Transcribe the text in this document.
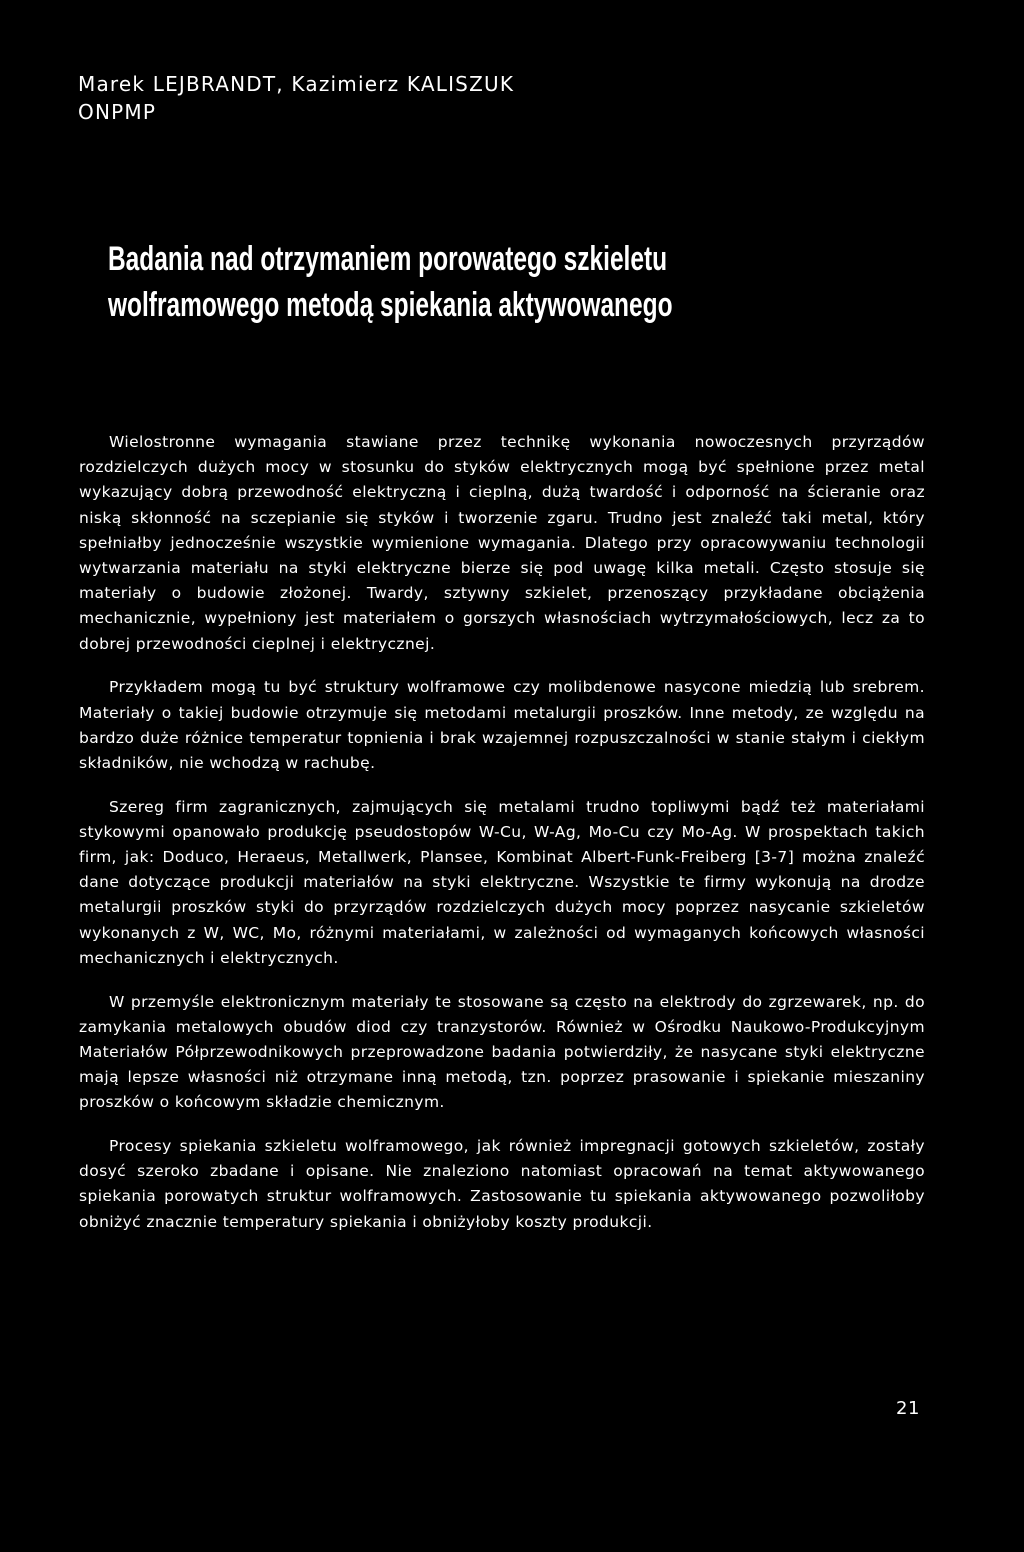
Marek LEJBRANDT, Kazimierz KALISZUK
ONPMP
Badania nad otrzymaniem porowatego szkieletu
wolframowego metodą spiekania aktywowanego

Wielostronne wymagania stawiane przez technikę wykonania nowoczesnych przyrządów rozdzielczych dużych mocy w stosunku do styków elektrycznych mogą być spełnione przez metal wykazujący dobrą przewodność elektryczną i cieplną, dużą twardość i odporność na ścieranie oraz niską skłonność na sczepianie się styków i tworzenie zgaru. Trudno jest znaleźć taki metal, który spełniałby jednocześnie wszystkie wymienione wymagania. Dlatego przy opracowywaniu technologii wytwarzania materiału na styki elektryczne bierze się pod uwagę kilka metali. Często stosuje się materiały o budowie złożonej. Twardy, sztywny szkielet, przenoszący przykładane obciążenia mechanicznie, wypełniony jest materiałem o gorszych własnościach wytrzymałościowych, lecz za to dobrej przewodności cieplnej i elektrycznej.

Przykładem mogą tu być struktury wolframowe czy molibdenowe nasycone miedzią lub srebrem. Materiały o takiej budowie otrzymuje się metodami metalurgii proszków. Inne metody, ze względu na bardzo duże różnice temperatur topnienia i brak wzajemnej rozpuszczalności w stanie stałym i ciekłym składników, nie wchodzą w rachubę.

Szereg firm zagranicznych, zajmujących się metalami trudno topliwymi bądź też materiałami stykowymi opanowało produkcję pseudostopów W-Cu, W-Ag, Mo-Cu czy Mo-Ag. W prospektach takich firm, jak: Doduco, Heraeus, Metallwerk, Plansee, Kombinat Albert-Funk-Freiberg [3-7] można znaleźć dane dotyczące produkcji materiałów na styki elektryczne. Wszystkie te firmy wykonują na drodze metalurgii proszków styki do przyrządów rozdzielczych dużych mocy poprzez nasycanie szkieletów wykonanych z W, WC, Mo, różnymi materiałami, w zależności od wymaganych końcowych własności mechanicznych i elektrycznych.

W przemyśle elektronicznym materiały te stosowane są często na elektrody do zgrzewarek, np. do zamykania metalowych obudów diod czy tranzystorów. Również w Ośrodku Naukowo-Produkcyjnym Materiałów Półprzewodnikowych przeprowadzone badania potwierdziły, że nasycane styki elektryczne mają lepsze własności niż otrzymane inną metodą, tzn. poprzez prasowanie i spiekanie mieszaniny proszków o końcowym składzie chemicznym.

Procesy spiekania szkieletu wolframowego, jak również impregnacji gotowych szkieletów, zostały dosyć szeroko zbadane i opisane. Nie znaleziono natomiast opracowań na temat aktywowanego spiekania porowatych struktur wolframowych. Zastosowanie tu spiekania aktywowanego pozwoliłoby obniżyć znacznie temperatury spiekania i obniżyłoby koszty produkcji.

21
